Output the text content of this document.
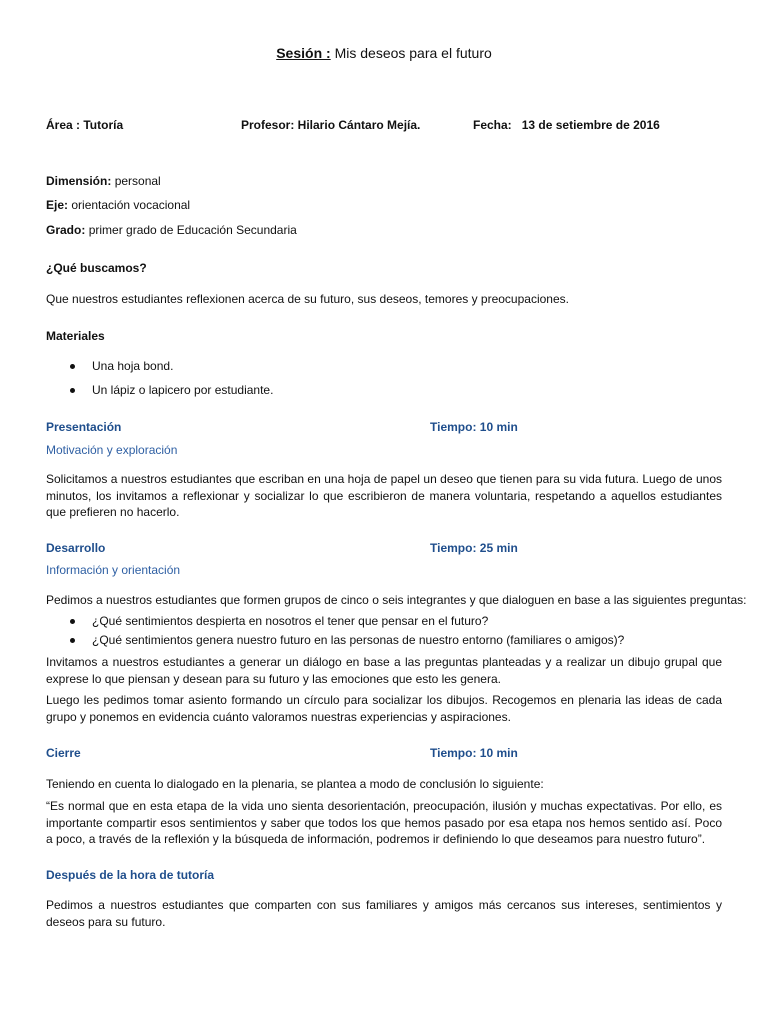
Sesión : Mis deseos para el futuro
Área : Tutoría	Profesor: Hilario Cántaro Mejía.	Fecha: 13 de setiembre de 2016
Dimensión: personal
Eje: orientación vocacional
Grado: primer grado de Educación Secundaria
¿Qué buscamos?
Que nuestros estudiantes reflexionen acerca de su futuro, sus deseos, temores y preocupaciones.
Materiales
Una hoja bond.
Un lápiz o lapicero por estudiante.
Presentación	Tiempo: 10 min
Motivación y exploración
Solicitamos a nuestros estudiantes que escriban en una hoja de papel un deseo que tienen para su vida futura. Luego de unos minutos, los invitamos a reflexionar y socializar lo que escribieron de manera voluntaria, respetando a aquellos estudiantes que prefieren no hacerlo.
Desarrollo	Tiempo: 25 min
Información y orientación
Pedimos a nuestros estudiantes que formen grupos de cinco o seis integrantes y que dialoguen en base a las siguientes preguntas:
¿Qué sentimientos despierta en nosotros el tener que pensar en el futuro?
¿Qué sentimientos genera nuestro futuro en las personas de nuestro entorno (familiares o amigos)?
Invitamos a nuestros estudiantes a generar un diálogo en base a las preguntas planteadas y a realizar un dibujo grupal que exprese lo que piensan y desean para su futuro y las emociones que esto les genera.
Luego les pedimos tomar asiento formando un círculo para socializar los dibujos. Recogemos en plenaria las ideas de cada grupo y ponemos en evidencia cuánto valoramos nuestras experiencias y aspiraciones.
Cierre	Tiempo: 10 min
Teniendo en cuenta lo dialogado en la plenaria, se plantea a modo de conclusión lo siguiente:
“Es normal que en esta etapa de la vida uno sienta desorientación, preocupación, ilusión y muchas expectativas. Por ello, es importante compartir esos sentimientos y saber que todos los que hemos pasado por esa etapa nos hemos sentido así. Poco a poco, a través de la reflexión y la búsqueda de información, podremos ir definiendo lo que deseamos para nuestro futuro”.
Después de la hora de tutoría
Pedimos a nuestros estudiantes que comparten con sus familiares y amigos más cercanos sus intereses, sentimientos y deseos para su futuro.
